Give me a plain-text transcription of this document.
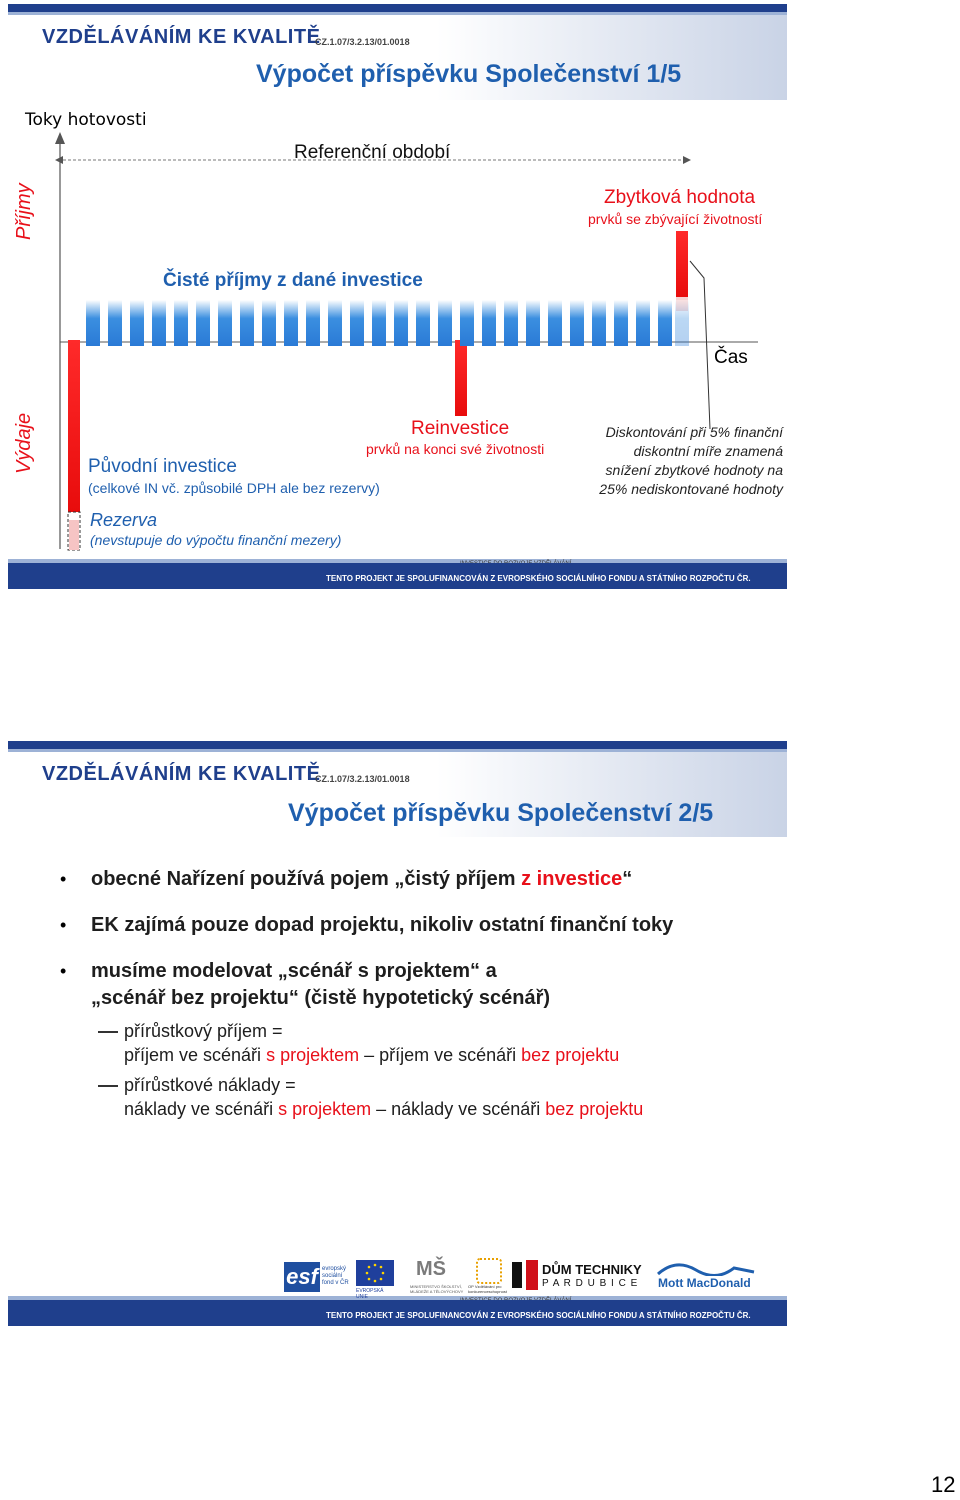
VZDĚLÁVÁNÍM KE KVALITĚ
CZ.1.07/3.2.13/01.0018
Výpočet příspěvku Společenství 1/5
Toky hotovosti
Referenční období
Zbytková hodnota
prvků se zbývající životností
Příjmy
Čisté příjmy z dané investice
Čas
Výdaje	Reinvestice
prvků na konci své životnosti
Diskontování při 5% finanční
diskontní míře znamená
snížení zbytkové hodnoty na
25% nediskontované hodnoty
Původní investice
(celkové IN vč. způsobilé DPH ale bez rezervy)
Rezerva
(nevstupuje do výpočtu finanční mezery)
TENTO PROJEKT JE SPOLUFINANCOVÁN Z EVROPSKÉHO SOCIÁLNÍHO FONDU A STÁTNÍHO ROZPOČTU ČR.
VZDĚLÁVÁNÍM KE KVALITĚ
CZ.1.07/3.2.13/01.0018
Výpočet příspěvku Společenství 2/5
• obecné Nařízení používá pojem „čistý příjem z investice“
• EK zajímá pouze dopad projektu, nikoliv ostatní finanční toky
• musíme modelovat „scénář s projektem“ a
„scénář bez projektu“ (čistě hypotetický scénář)
přírůstkový příjem =
příjem ve scénáři s projektem – příjem ve scénáři bez projektu
přírůstkové náklady =
náklady ve scénáři s projektem – náklady ve scénáři bez projektu
TENTO PROJEKT JE SPOLUFINANCOVÁN Z EVROPSKÉHO SOCIÁLNÍHO FONDU A STÁTNÍHO ROZPOČTU ČR.
esf evropský sociální fond v ČR
EVROPSKÁ UNIE
MŠ
MINISTERSTVO ŠKOLSTVÍ, MLÁDEŽE A TĚLOVÝCHOVY
OP Vzdělávání pro konkurenceschopnost
DŮM TECHNIKY
P A R D U B I C E Mott MacDonald
12
